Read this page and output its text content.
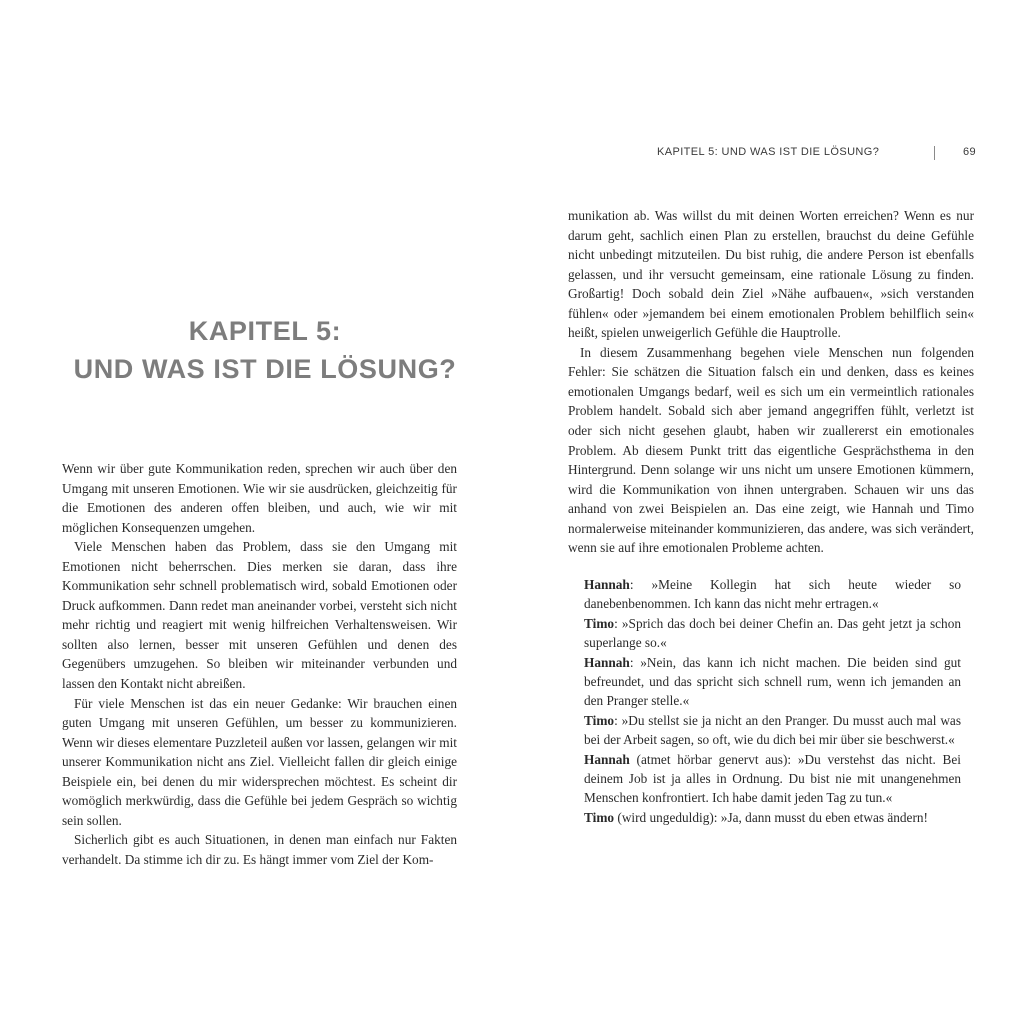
KAPITEL 5: UND WAS IST DIE LÖSUNG?	69
KAPITEL 5:
UND WAS IST DIE LÖSUNG?

Wenn wir über gute Kommunikation reden, sprechen wir auch über den Umgang mit unseren Emotionen. Wie wir sie ausdrücken, gleichzeitig für die Emotionen des anderen offen bleiben, und auch, wie wir mit möglichen Konsequenzen umgehen.

Viele Menschen haben das Problem, dass sie den Umgang mit Emotionen nicht beherrschen. Dies merken sie daran, dass ihre Kommunikation sehr schnell problematisch wird, sobald Emotionen oder Druck aufkommen. Dann redet man aneinander vorbei, versteht sich nicht mehr richtig und reagiert mit wenig hilfreichen Verhaltensweisen. Wir sollten also lernen, besser mit unseren Gefühlen und denen des Gegenübers umzugehen. So bleiben wir miteinander verbunden und lassen den Kontakt nicht abreißen.

Für viele Menschen ist das ein neuer Gedanke: Wir brauchen einen guten Umgang mit unseren Gefühlen, um besser zu kommunizieren. Wenn wir dieses elementare Puzzleteil außen vor lassen, gelangen wir mit unserer Kommunikation nicht ans Ziel. Vielleicht fallen dir gleich einige Beispiele ein, bei denen du mir widersprechen möchtest. Es scheint dir womöglich merkwürdig, dass die Gefühle bei jedem Gespräch so wichtig sein sollen.

Sicherlich gibt es auch Situationen, in denen man einfach nur Fakten verhandelt. Da stimme ich dir zu. Es hängt immer vom Ziel der Kom-

munikation ab. Was willst du mit deinen Worten erreichen? Wenn es nur darum geht, sachlich einen Plan zu erstellen, brauchst du deine Gefühle nicht unbedingt mitzuteilen. Du bist ruhig, die andere Person ist ebenfalls gelassen, und ihr versucht gemeinsam, eine rationale Lösung zu finden. Großartig! Doch sobald dein Ziel »Nähe aufbauen«, »sich verstanden fühlen« oder »jemandem bei einem emotionalen Problem behilflich sein« heißt, spielen unweigerlich Gefühle die Hauptrolle.

In diesem Zusammenhang begehen viele Menschen nun folgenden Fehler: Sie schätzen die Situation falsch ein und denken, dass es keines emotionalen Umgangs bedarf, weil es sich um ein vermeintlich rationales Problem handelt. Sobald sich aber jemand angegriffen fühlt, verletzt ist oder sich nicht gesehen glaubt, haben wir zuallererst ein emotionales Problem. Ab diesem Punkt tritt das eigentliche Gesprächsthema in den Hintergrund. Denn solange wir uns nicht um unsere Emotionen kümmern, wird die Kommunikation von ihnen untergraben. Schauen wir uns das anhand von zwei Beispielen an. Das eine zeigt, wie Hannah und Timo normalerweise miteinander kommunizieren, das andere, was sich verändert, wenn sie auf ihre emotionalen Probleme achten.

Hannah: »Meine Kollegin hat sich heute wieder so danebenbenommen. Ich kann das nicht mehr ertragen.«

Timo: »Sprich das doch bei deiner Chefin an. Das geht jetzt ja schon superlange so.«

Hannah: »Nein, das kann ich nicht machen. Die beiden sind gut befreundet, und das spricht sich schnell rum, wenn ich jemanden an den Pranger stelle.«

Timo: »Du stellst sie ja nicht an den Pranger. Du musst auch mal was bei der Arbeit sagen, so oft, wie du dich bei mir über sie beschwerst.«

Hannah (atmet hörbar genervt aus): »Du verstehst das nicht. Bei deinem Job ist ja alles in Ordnung. Du bist nie mit unangenehmen Menschen konfrontiert. Ich habe damit jeden Tag zu tun.«

Timo (wird ungeduldig): »Ja, dann musst du eben etwas ändern!
